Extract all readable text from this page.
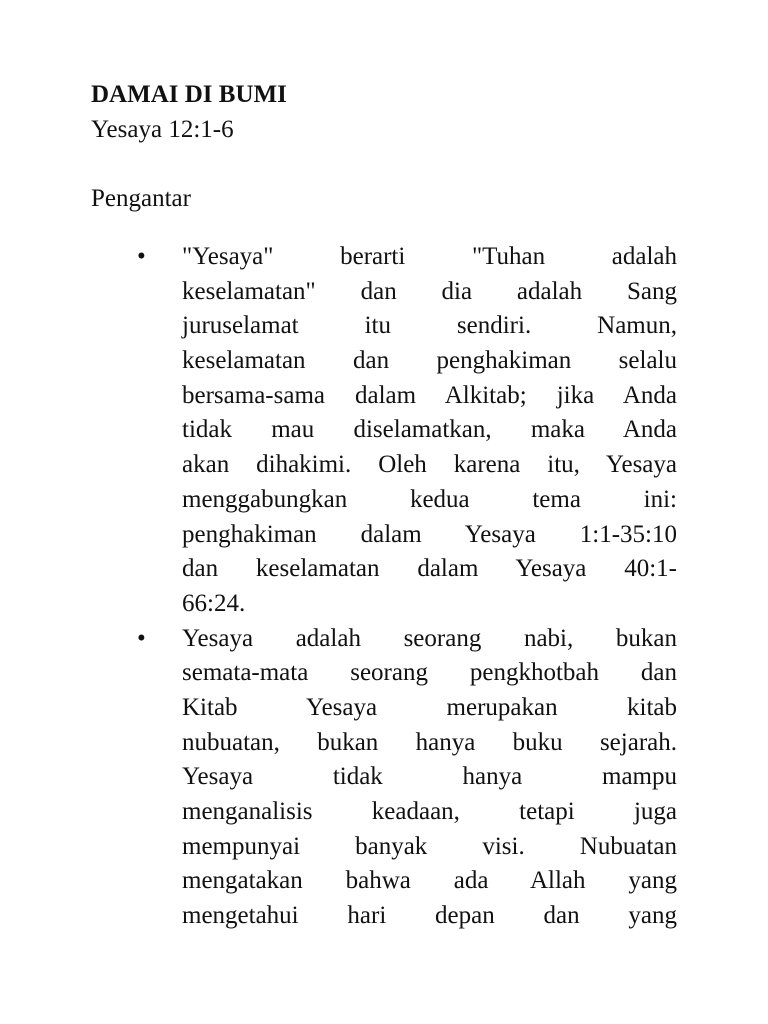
DAMAI DI BUMI

Yesaya 12:1-6

Pengantar

• "Yesaya" berarti "Tuhan adalah
keselamatan" dan dia adalah Sang
juruselamat itu sendiri. Namun,
keselamatan dan penghakiman selalu
bersama-sama dalam Alkitab; jika Anda
tidak mau diselamatkan, maka Anda
akan dihakimi. Oleh karena itu, Yesaya
menggabungkan kedua tema ini:
penghakiman dalam Yesaya 1:1-35:10
dan keselamatan dalam Yesaya 40:1-
66:24.
• Yesaya adalah seorang nabi, bukan
semata-mata seorang pengkhotbah dan
Kitab Yesaya merupakan kitab
nubuatan, bukan hanya buku sejarah.
Yesaya tidak hanya mampu
menganalisis keadaan, tetapi juga
mempunyai banyak visi. Nubuatan
mengatakan bahwa ada Allah yang
mengetahui hari depan dan yang
